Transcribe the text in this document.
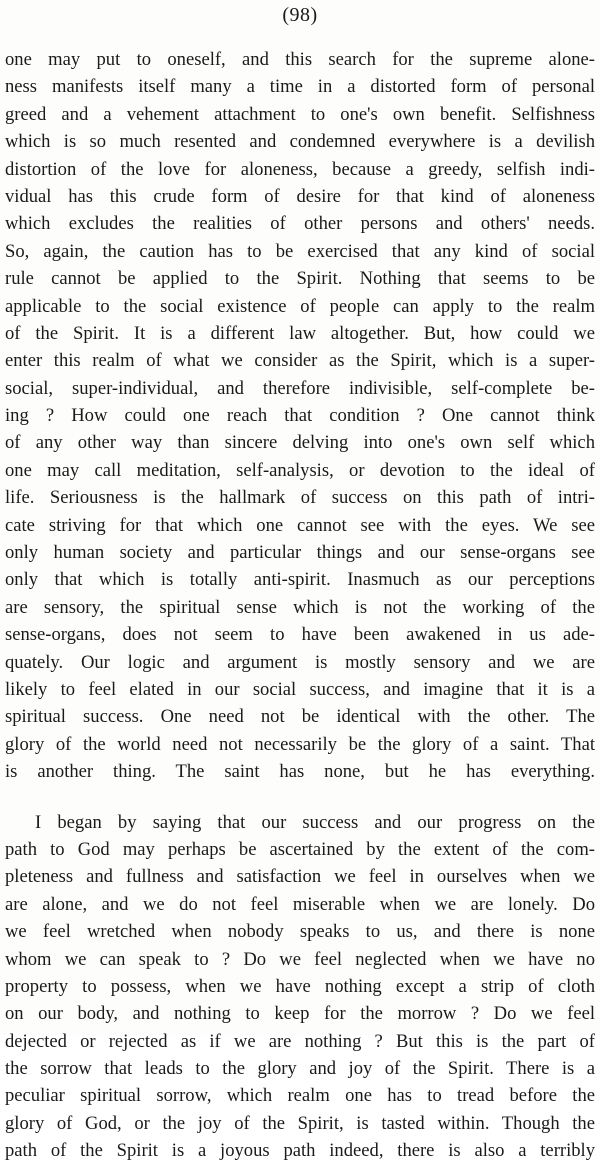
(98)
one may put to oneself, and this search for the supreme alone-
ness manifests itself many a time in a distorted form of personal
greed and a vehement attachment to one's own benefit. Selfishness
which is so much resented and condemned everywhere is a devilish
distortion of the love for aloneness, because a greedy, selfish indi-
vidual has this crude form of desire for that kind of aloneness
which excludes the realities of other persons and others' needs.
So, again, the caution has to be exercised that any kind of social
rule cannot be applied to the Spirit. Nothing that seems to be
applicable to the social existence of people can apply to the realm
of the Spirit. It is a different law altogether. But, how could we
enter this realm of what we consider as the Spirit, which is a super-
social, super-individual, and therefore indivisible, self-complete be-
ing ? How could one reach that condition ? One cannot think
of any other way than sincere delving into one's own self which
one may call meditation, self-analysis, or devotion to the ideal of
life. Seriousness is the hallmark of success on this path of intri-
cate striving for that which one cannot see with the eyes. We see
only human society and particular things and our sense-organs see
only that which is totally anti-spirit. Inasmuch as our perceptions
are sensory, the spiritual sense which is not the working of the
sense-organs, does not seem to have been awakened in us ade-
quately. Our logic and argument is mostly sensory and we are
likely to feel elated in our social success, and imagine that it is a
spiritual success. One need not be identical with the other. The
glory of the world need not necessarily be the glory of a saint. That
is another thing. The saint has none, but he has everything.
I began by saying that our success and our progress on the
path to God may perhaps be ascertained by the extent of the com-
pleteness and fullness and satisfaction we feel in ourselves when we
are alone, and we do not feel miserable when we are lonely. Do
we feel wretched when nobody speaks to us, and there is none
whom we can speak to ? Do we feel neglected when we have no
property to possess, when we have nothing except a strip of cloth
on our body, and nothing to keep for the morrow ? Do we feel
dejected or rejected as if we are nothing ? But this is the part of
the sorrow that leads to the glory and joy of the Spirit. There is a
peculiar spiritual sorrow, which realm one has to tread before the
glory of God, or the joy of the Spirit, is tasted within. Though the
path of the Spirit is a joyous path indeed, there is also a terribly
